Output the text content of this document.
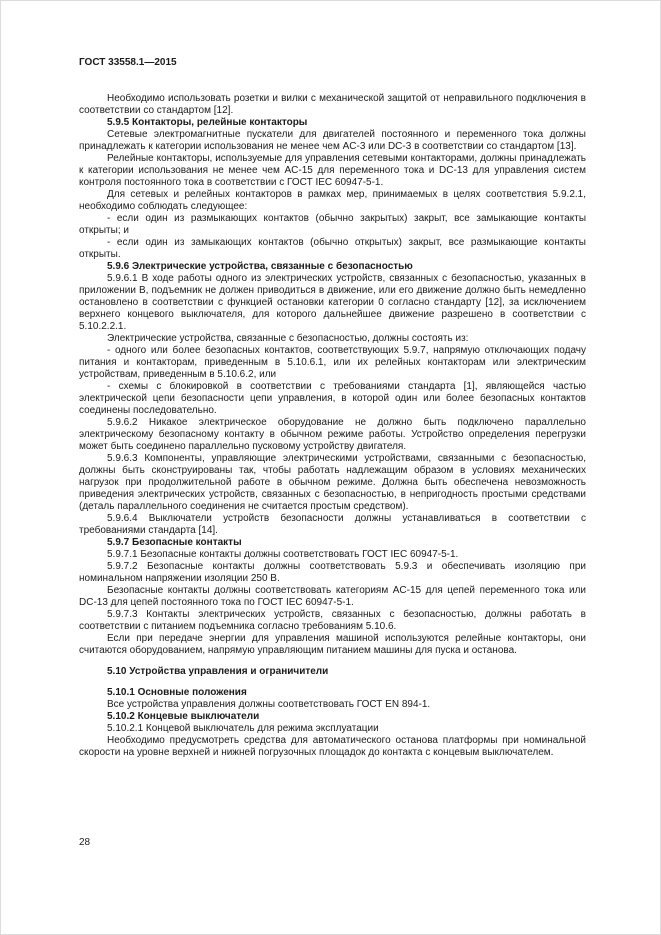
ГОСТ 33558.1—2015

Необходимо использовать розетки и вилки с механической защитой от неправильного подключения в соответствии со стандартом [12].

5.9.5 Контакторы, релейные контакторы

Сетевые электромагнитные пускатели для двигателей постоянного и переменного тока должны принадлежать к категории использования не менее чем AC-3 или DC-3 в соответствии со стандартом [13].

Релейные контакторы, используемые для управления сетевыми контакторами, должны принадлежать к категории использования не менее чем AC-15 для переменного тока и DC-13 для управления систем контроля постоянного тока в соответствии с ГОСТ IEC 60947-5-1.

Для сетевых и релейных контакторов в рамках мер, принимаемых в целях соответствия 5.9.2.1, необходимо соблюдать следующее:

- если один из размыкающих контактов (обычно закрытых) закрыт, все замыкающие контакты открыты; и

- если один из замыкающих контактов (обычно открытых) закрыт, все размыкающие контакты открыты.

5.9.6 Электрические устройства, связанные с безопасностью

5.9.6.1 В ходе работы одного из электрических устройств, связанных с безопасностью, указанных в приложении В, подъемник не должен приводиться в движение, или его движение должно быть немедленно остановлено в соответствии с функцией остановки категории 0 согласно стандарту [12], за исключением верхнего концевого выключателя, для которого дальнейшее движение разрешено в соответствии с 5.10.2.2.1.

Электрические устройства, связанные с безопасностью, должны состоять из:

- одного или более безопасных контактов, соответствующих 5.9.7, напрямую отключающих подачу питания и контакторам, приведенным в 5.10.6.1, или их релейных контакторам или электрическим устройствам, приведенным в 5.10.6.2, или

- схемы с блокировкой в соответствии с требованиями стандарта [1], являющейся частью электрической цепи безопасности цепи управления, в которой один или более безопасных контактов соединены последовательно.

5.9.6.2 Никакое электрическое оборудование не должно быть подключено параллельно электрическому безопасному контакту в обычном режиме работы. Устройство определения перегрузки может быть соединено параллельно пусковому устройству двигателя.

5.9.6.3 Компоненты, управляющие электрическими устройствами, связанными с безопасностью, должны быть сконструированы так, чтобы работать надлежащим образом в условиях механических нагрузок при продолжительной работе в обычном режиме. Должна быть обеспечена невозможность приведения электрических устройств, связанных с безопасностью, в непригодность простыми средствами (деталь параллельного соединения не считается простым средством).

5.9.6.4 Выключатели устройств безопасности должны устанавливаться в соответствии с требованиями стандарта [14].

5.9.7 Безопасные контакты

5.9.7.1 Безопасные контакты должны соответствовать ГОСТ IEC 60947-5-1.

5.9.7.2 Безопасные контакты должны соответствовать 5.9.3 и обеспечивать изоляцию при номинальном напряжении изоляции 250 В.

Безопасные контакты должны соответствовать категориям AC-15 для цепей переменного тока или DC-13 для цепей постоянного тока по ГОСТ IEC 60947-5-1.

5.9.7.3 Контакты электрических устройств, связанных с безопасностью, должны работать в соответствии с питанием подъемника согласно требованиям 5.10.6.

Если при передаче энергии для управления машиной используются релейные контакторы, они считаются оборудованием, напрямую управляющим питанием машины для пуска и останова.

5.10 Устройства управления и ограничители

5.10.1 Основные положения

Все устройства управления должны соответствовать ГОСТ EN 894-1.

5.10.2 Концевые выключатели

5.10.2.1 Концевой выключатель для режима эксплуатации

Необходимо предусмотреть средства для автоматического останова платформы при номинальной скорости на уровне верхней и нижней погрузочных площадок до контакта с концевым выключателем.

28
